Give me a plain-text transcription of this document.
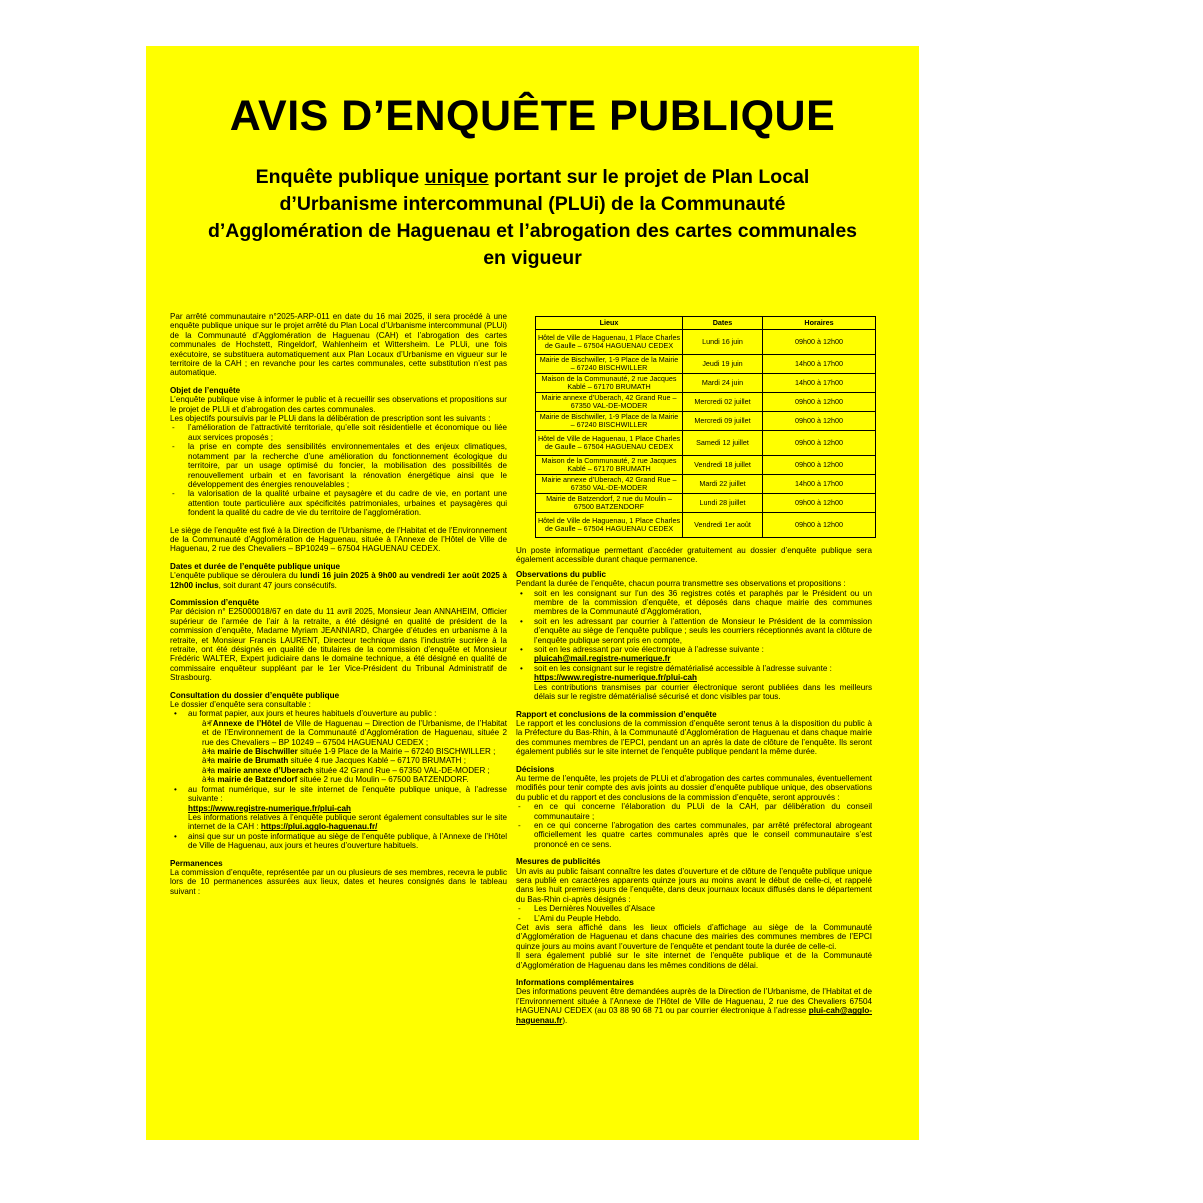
AVIS D’ENQUÊTE PUBLIQUE
Enquête publique unique portant sur le projet de Plan Local d’Urbanisme intercommunal (PLUi) de la Communauté d’Agglomération de Haguenau et l’abrogation des cartes communales en vigueur

Par arrêté communautaire n°2025-ARP-011 en date du 16 mai 2025, il sera procédé à une enquête publique unique sur le projet arrêté du Plan Local d’Urbanisme intercommunal (PLUi) de la Communauté d’Agglomération de Haguenau (CAH) et l’abrogation des cartes communales de Hochstett, Ringeldorf, Wahlenheim et Wittersheim. Le PLUi, une fois exécutoire, se substituera automatiquement aux Plan Locaux d’Urbanisme en vigueur sur le territoire de la CAH ; en revanche pour les cartes communales, cette substitution n’est pas automatique.

Objet de l’enquête

L’enquête publique vise à informer le public et à recueillir ses observations et propositions sur le projet de PLUi et d’abrogation des cartes communales.

Les objectifs poursuivis par le PLUi dans la délibération de prescription sont les suivants :

- l’amélioration de l’attractivité territoriale, qu’elle soit résidentielle et économique ou liée aux services proposés ;
- la prise en compte des sensibilités environnementales et des enjeux climatiques, notamment par la recherche d’une amélioration du fonctionnement écologique du territoire, par un usage optimisé du foncier, la mobilisation des possibilités de renouvellement urbain et en favorisant la rénovation énergétique ainsi que le développement des énergies renouvelables ;
- la valorisation de la qualité urbaine et paysagère et du cadre de vie, en portant une attention toute particulière aux spécificités patrimoniales, urbaines et paysagères qui fondent la qualité du cadre de vie du territoire de l’agglomération.

Le siège de l’enquête est fixé à la Direction de l’Urbanisme, de l’Habitat et de l’Environnement de la Communauté d’Agglomération de Haguenau, située à l’Annexe de l’Hôtel de Ville de Haguenau, 2 rue des Chevaliers – BP10249 – 67504 HAGUENAU CEDEX.

Dates et durée de l’enquête publique unique

L’enquête publique se déroulera du lundi 16 juin 2025 à 9h00 au vendredi 1er août 2025 à 12h00 inclus, soit durant 47 jours consécutifs.

Commission d’enquête

Par décision n° E25000018/67 en date du 11 avril 2025, Monsieur Jean ANNAHEIM, Officier supérieur de l’armée de l’air à la retraite, a été désigné en qualité de président de la commission d’enquête, Madame Myriam JEANNIARD, Chargée d’études en urbanisme à la retraite, et Monsieur Francis LAURENT, Directeur technique dans l’industrie sucrière à la retraite, ont été désignés en qualité de titulaires de la commission d’enquête et Monsieur Frédéric WALTER, Expert judiciaire dans le domaine technique, a été désigné en qualité de commissaire enquêteur suppléant par le 1er Vice-Président du Tribunal Administratif de Strasbourg.

Consultation du dossier d’enquête publique

Le dossier d’enquête sera consultable :

• au format papier, aux jours et heures habituels d’ouverture au public :
➢ à l’Annexe de l’Hôtel de Ville de Haguenau – Direction de l’Urbanisme, de l’Habitat et de l’Environnement de la Communauté d’Agglomération de Haguenau, située 2 rue des Chevaliers – BP 10249 – 67504 HAGUENAU CEDEX ;
➢ à la mairie de Bischwiller située 1-9 Place de la Mairie – 67240 BISCHWILLER ;
➢ à la mairie de Brumath située 4 rue Jacques Kablé – 67170 BRUMATH ;
➢ à la mairie annexe d’Uberach située 42 Grand Rue – 67350 VAL-DE-MODER ;
➢ à la mairie de Batzendorf située 2 rue du Moulin – 67500 BATZENDORF.
• au format numérique, sur le site internet de l’enquête publique unique, à l’adresse suivante :
https://www.registre-numerique.fr/plui-cah
Les informations relatives à l’enquête publique seront également consultables sur le site internet de la CAH : https://plui.agglo-haguenau.fr/
• ainsi que sur un poste informatique au siège de l’enquête publique, à l’Annexe de l’Hôtel de Ville de Haguenau, aux jours et heures d’ouverture habituels.

Permanences

La commission d’enquête, représentée par un ou plusieurs de ses membres, recevra le public lors de 10 permanences assurées aux lieux, dates et heures consignés dans le tableau suivant :

Lieux	Dates	Horaires
Hôtel de Ville de Haguenau, 1 Place Charles de Gaulle – 67504 HAGUENAU CEDEX	Lundi 16 juin	09h00 à 12h00
Mairie de Bischwiller, 1-9 Place de la Mairie – 67240 BISCHWILLER	Jeudi 19 juin	14h00 à 17h00
Maison de la Communauté, 2 rue Jacques Kablé – 67170 BRUMATH	Mardi 24 juin	14h00 à 17h00
Mairie annexe d’Uberach, 42 Grand Rue – 67350 VAL-DE-MODER	Mercredi 02 juillet	09h00 à 12h00
Mairie de Bischwiller, 1-9 Place de la Mairie – 67240 BISCHWILLER	Mercredi 09 juillet	09h00 à 12h00
Hôtel de Ville de Haguenau, 1 Place Charles de Gaulle – 67504 HAGUENAU CEDEX	Samedi 12 juillet	09h00 à 12h00
Maison de la Communauté, 2 rue Jacques Kablé – 67170 BRUMATH	Vendredi 18 juillet	09h00 à 12h00
Mairie annexe d’Uberach, 42 Grand Rue – 67350 VAL-DE-MODER	Mardi 22 juillet	14h00 à 17h00
Mairie de Batzendorf, 2 rue du Moulin – 67500 BATZENDORF	Lundi 28 juillet	09h00 à 12h00
Hôtel de Ville de Haguenau, 1 Place Charles de Gaulle – 67504 HAGUENAU CEDEX	Vendredi 1er août	09h00 à 12h00

Un poste informatique permettant d’accéder gratuitement au dossier d’enquête publique sera également accessible durant chaque permanence.

Observations du public

Pendant la durée de l’enquête, chacun pourra transmettre ses observations et propositions :

• soit en les consignant sur l’un des 36 registres cotés et paraphés par le Président ou un membre de la commission d’enquête, et déposés dans chaque mairie des communes membres de la Communauté d’Agglomération,
• soit en les adressant par courrier à l’attention de Monsieur le Président de la commission d’enquête au siège de l’enquête publique ; seuls les courriers réceptionnés avant la clôture de l’enquête publique seront pris en compte,
• soit en les adressant par voie électronique à l’adresse suivante :
pluicah@mail.registre-numerique.fr
• soit en les consignant sur le registre dématérialisé accessible à l’adresse suivante :
https://www.registre-numerique.fr/plui-cah
Les contributions transmises par courrier électronique seront publiées dans les meilleurs délais sur le registre dématérialisé sécurisé et donc visibles par tous.

Rapport et conclusions de la commission d’enquête

Le rapport et les conclusions de la commission d’enquête seront tenus à la disposition du public à la Préfecture du Bas-Rhin, à la Communauté d’Agglomération de Haguenau et dans chaque mairie des communes membres de l’EPCI, pendant un an après la date de clôture de l’enquête. Ils seront également publiés sur le site internet de l’enquête publique pendant la même durée.

Décisions

Au terme de l’enquête, les projets de PLUi et d’abrogation des cartes communales, éventuellement modifiés pour tenir compte des avis joints au dossier d’enquête publique unique, des observations du public et du rapport et des conclusions de la commission d’enquête, seront approuvés :

- en ce qui concerne l’élaboration du PLUi de la CAH, par délibération du conseil communautaire ;
- en ce qui concerne l’abrogation des cartes communales, par arrêté préfectoral abrogeant officiellement les quatre cartes communales après que le conseil communautaire s’est prononcé en ce sens.

Mesures de publicités

Un avis au public faisant connaître les dates d’ouverture et de clôture de l’enquête publique unique sera publié en caractères apparents quinze jours au moins avant le début de celle-ci, et rappelé dans les huit premiers jours de l’enquête, dans deux journaux locaux diffusés dans le département du Bas-Rhin ci-après désignés :

- Les Dernières Nouvelles d’Alsace
- L’Ami du Peuple Hebdo.

Cet avis sera affiché dans les lieux officiels d’affichage au siège de la Communauté d’Agglomération de Haguenau et dans chacune des mairies des communes membres de l’EPCI quinze jours au moins avant l’ouverture de l’enquête et pendant toute la durée de celle-ci.

Il sera également publié sur le site internet de l’enquête publique et de la Communauté d’Agglomération de Haguenau dans les mêmes conditions de délai.

Informations complémentaires

Des informations peuvent être demandées auprès de la Direction de l’Urbanisme, de l’Habitat et de l’Environnement située à l’Annexe de l’Hôtel de Ville de Haguenau, 2 rue des Chevaliers 67504 HAGUENAU CEDEX (au 03 88 90 68 71 ou par courrier électronique à l’adresse plui-cah@agglo-haguenau.fr).
